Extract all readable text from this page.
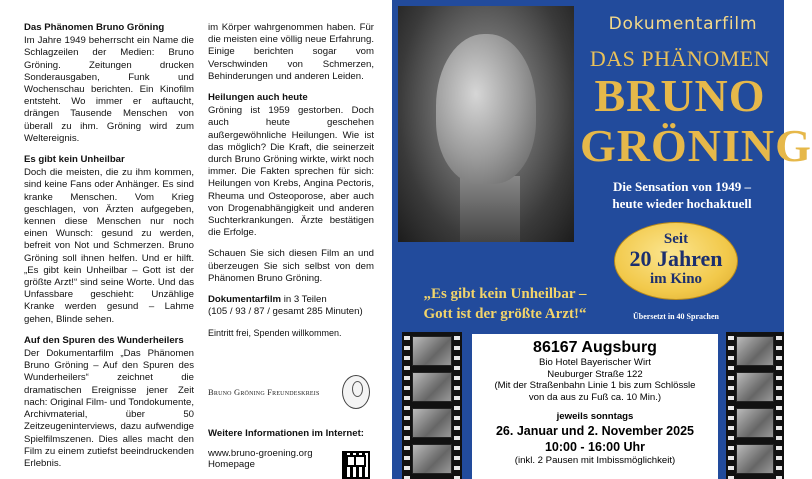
Das Phänomen Bruno Gröning

Im Jahre 1949 beherrscht ein Name die Schlagzeilen der Medien: Bruno Gröning. Zeitungen drucken Sonderausgaben, Funk und Wochenschau berichten. Ein Kinofilm entsteht. Wo immer er auftaucht, drängen Tausende Menschen von überall zu ihm. Gröning wird zum Weltereignis.

Es gibt kein Unheilbar

Doch die meisten, die zu ihm kommen, sind keine Fans oder Anhänger. Es sind kranke Menschen. Vom Krieg geschlagen, von Ärzten aufgegeben, kennen diese Menschen nur noch einen Wunsch: gesund zu werden, befreit von Not und Schmerzen. Bruno Gröning soll ihnen helfen. Und er hilft. „Es gibt kein Unheilbar – Gott ist der größte Arzt!“ sind seine Worte. Und das Unfassbare geschieht: Unzählige Kranke werden gesund – Lahme gehen, Blinde sehen.

Auf den Spuren des Wunderheilers

Der Dokumentarfilm „Das Phänomen Bruno Gröning – Auf den Spuren des Wunderheilers“ zeichnet die dramatischen Ereignisse jener Zeit nach: Original Film- und Tondokumente, Archivmaterial, über 50 Zeitzeugeninterviews, dazu aufwendige Spielfilmszenen. Dies alles macht den Film zu einem zutiefst beeindruckenden Erlebnis.

im Körper wahrgenommen haben. Für die meisten eine völlig neue Erfahrung. Einige berichten sogar vom Verschwinden von Schmerzen, Behinderungen und anderen Leiden.

Heilungen auch heute

Gröning ist 1959 gestorben. Doch auch heute geschehen außergewöhnliche Heilungen. Wie ist das möglich? Die Kraft, die seinerzeit durch Bruno Gröning wirkte, wirkt noch immer. Die Fakten sprechen für sich: Heilungen von Krebs, Angina Pectoris, Rheuma und Osteoporose, aber auch von Drogenabhängigkeit und anderen Suchterkrankungen. Ärzte bestätigen die Erfolge.

Schauen Sie sich diesen Film an und überzeugen Sie sich selbst von dem Phänomen Bruno Gröning.

Dokumentarfilm in 3 Teilen

(105 / 93 / 87 / gesamt 285 Minuten)

Eintritt frei, Spenden willkommen.

Bruno Gröning Freundeskreis
Weitere Informationen im Internet:
www.bruno-groening.org
Homepage
Dokumentarfilm
DAS PHÄNOMEN
BRUNO
GRÖNING
Die Sensation von 1949 –
heute wieder hochaktuell
Seit
20 Jahren
im Kino
Übersetzt in 40 Sprachen
„Es gibt kein Unheilbar –
Gott ist der größte Arzt!“
86167 Augsburg
Bio Hotel Bayerischer Wirt
Neuburger Straße 122
(Mit der Straßenbahn Linie 1 bis zum Schlössle
von da aus zu Fuß ca. 10 Min.)
jeweils sonntags
26. Januar und 2. November 2025
10:00 - 16:00 Uhr
(inkl. 2 Pausen mit Imbissmöglichkeit)
